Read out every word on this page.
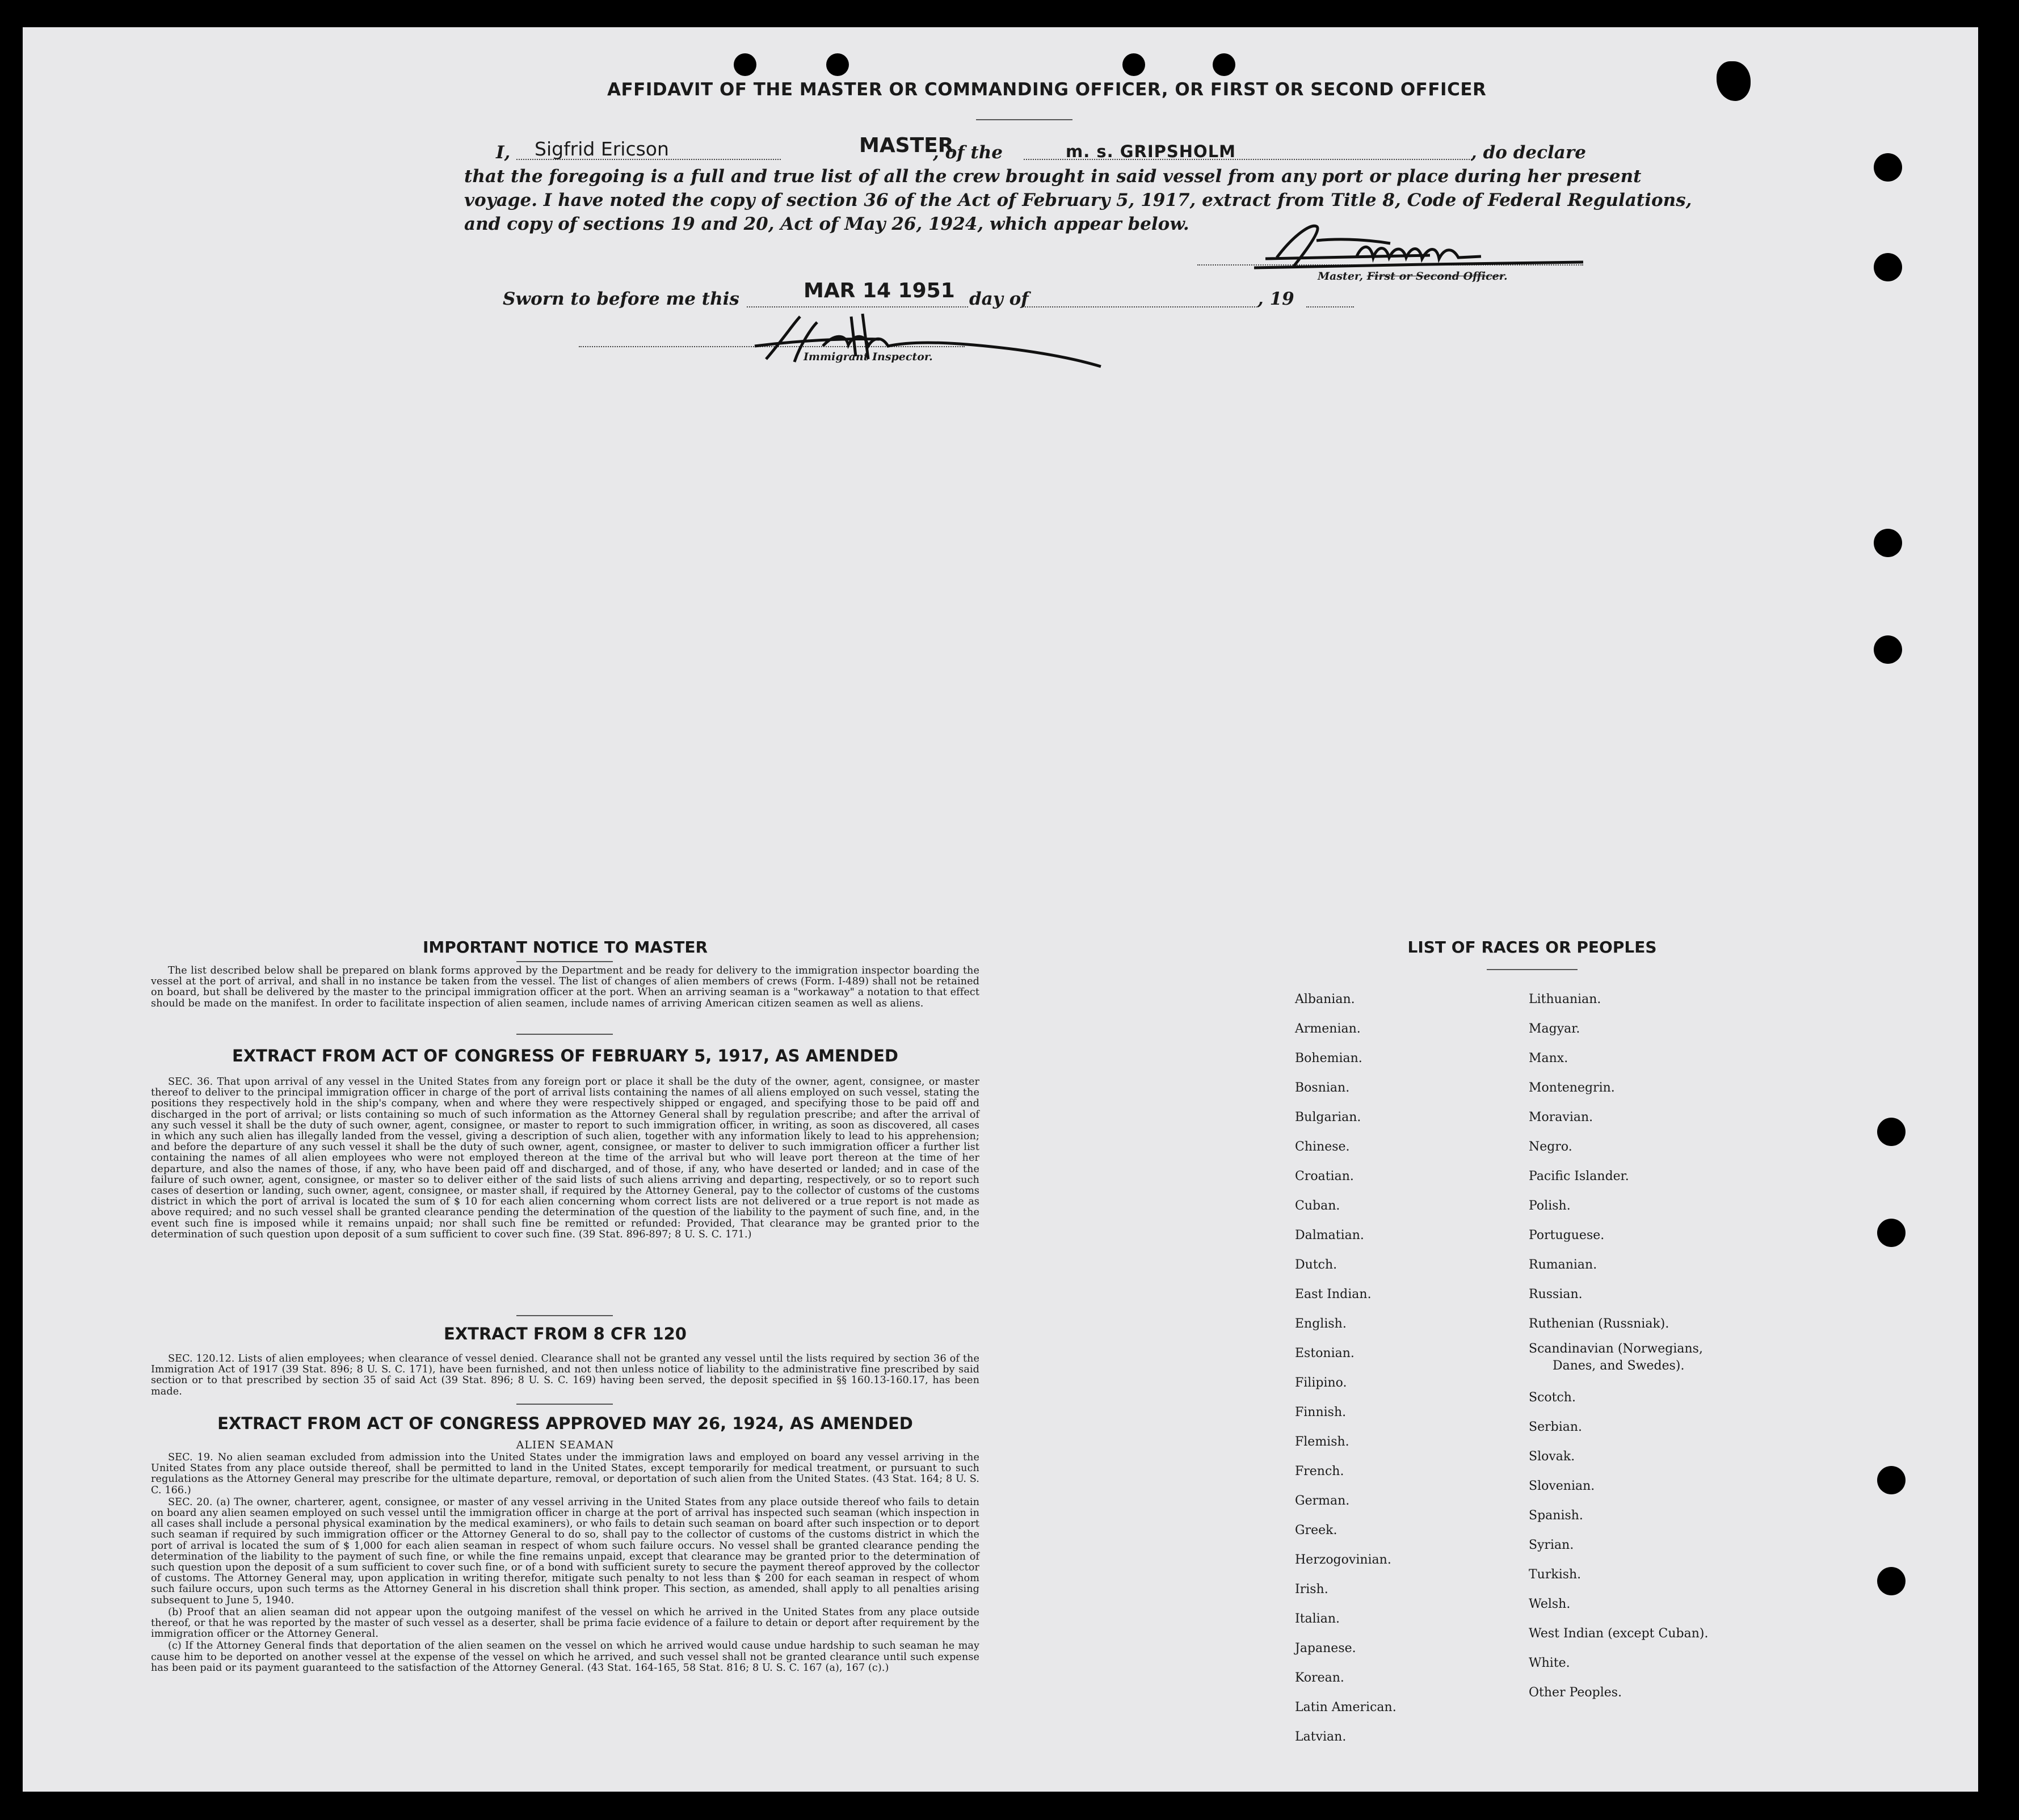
AFFIDAVIT OF THE MASTER OR COMMANDING OFFICER, OR FIRST OR SECOND OFFICER
I, Sigfrid Ericson	MASTER
, of the	m. s. GRIPSHOLM	, do declare
that the foregoing is a full and true list of all the crew brought in said vessel from any port or place during her present
voyage. I have noted the copy of section 36 of the Act of February 5, 1917, extract from Title 8, Code of Federal Regulations,
and copy of sections 19 and 20, Act of May 26, 1924, which appear below.
Master, First or Second Officer.
Sworn to before me this	MAR 14 1951 day of	, 19
Immigrant Inspector.
IMPORTANT NOTICE TO MASTER

The list described below shall be prepared on blank forms approved by the Department and be ready for delivery to the immigration inspector boarding the vessel at the port of arrival, and shall in no instance be taken from the vessel. The list of changes of alien members of crews (Form. I-489) shall not be retained on board, but shall be delivered by the master to the principal immigration officer at the port. When an arriving seaman is a "workaway" a notation to that effect should be made on the manifest. In order to facilitate inspection of alien seamen, include names of arriving American citizen seamen as well as aliens.

EXTRACT FROM ACT OF CONGRESS OF FEBRUARY 5, 1917, AS AMENDED

SEC. 36. That upon arrival of any vessel in the United States from any foreign port or place it shall be the duty of the owner, agent, consignee, or master thereof to deliver to the principal immigration officer in charge of the port of arrival lists containing the names of all aliens employed on such vessel, stating the positions they respectively hold in the ship's company, when and where they were respectively shipped or engaged, and specifying those to be paid off and discharged in the port of arrival; or lists containing so much of such information as the Attorney General shall by regulation prescribe; and after the arrival of any such vessel it shall be the duty of such owner, agent, consignee, or master to report to such immigration officer, in writing, as soon as discovered, all cases in which any such alien has illegally landed from the vessel, giving a description of such alien, together with any information likely to lead to his apprehension; and before the departure of any such vessel it shall be the duty of such owner, agent, consignee, or master to deliver to such immigration officer a further list containing the names of all alien employees who were not employed thereon at the time of the arrival but who will leave port thereon at the time of her departure, and also the names of those, if any, who have been paid off and discharged, and of those, if any, who have deserted or landed; and in case of the failure of such owner, agent, consignee, or master so to deliver either of the said lists of such aliens arriving and departing, respectively, or so to report such cases of desertion or landing, such owner, agent, consignee, or master shall, if required by the Attorney General, pay to the collector of customs of the customs district in which the port of arrival is located the sum of $ 10 for each alien concerning whom correct lists are not delivered or a true report is not made as above required; and no such vessel shall be granted clearance pending the determination of the question of the liability to the payment of such fine, and, in the event such fine is imposed while it remains unpaid; nor shall such fine be remitted or refunded: Provided, That clearance may be granted prior to the determination of such question upon deposit of a sum sufficient to cover such fine. (39 Stat. 896-897; 8 U. S. C. 171.)

EXTRACT FROM 8 CFR 120

SEC. 120.12. Lists of alien employees; when clearance of vessel denied. Clearance shall not be granted any vessel until the lists required by section 36 of the Immigration Act of 1917 (39 Stat. 896; 8 U. S. C. 171), have been furnished, and not then unless notice of liability to the administrative fine prescribed by said section or to that prescribed by section 35 of said Act (39 Stat. 896; 8 U. S. C. 169) having been served, the deposit specified in §§ 160.13-160.17, has been made.

EXTRACT FROM ACT OF CONGRESS APPROVED MAY 26, 1924, AS AMENDED
ALIEN SEAMAN

SEC. 19. No alien seaman excluded from admission into the United States under the immigration laws and employed on board any vessel arriving in the United States from any place outside thereof, shall be permitted to land in the United States, except temporarily for medical treatment, or pursuant to such regulations as the Attorney General may prescribe for the ultimate departure, removal, or deportation of such alien from the United States. (43 Stat. 164; 8 U. S. C. 166.)

SEC. 20. (a) The owner, charterer, agent, consignee, or master of any vessel arriving in the United States from any place outside thereof who fails to detain on board any alien seamen employed on such vessel until the immigration officer in charge at the port of arrival has inspected such seaman (which inspection in all cases shall include a personal physical examination by the medical examiners), or who fails to detain such seaman on board after such inspection or to deport such seaman if required by such immigration officer or the Attorney General to do so, shall pay to the collector of customs of the customs district in which the port of arrival is located the sum of $ 1,000 for each alien seaman in respect of whom such failure occurs. No vessel shall be granted clearance pending the determination of the liability to the payment of such fine, or while the fine remains unpaid, except that clearance may be granted prior to the determination of such question upon the deposit of a sum sufficient to cover such fine, or of a bond with sufficient surety to secure the payment thereof approved by the collector of customs. The Attorney General may, upon application in writing therefor, mitigate such penalty to not less than $ 200 for each seaman in respect of whom such failure occurs, upon such terms as the Attorney General in his discretion shall think proper. This section, as amended, shall apply to all penalties arising subsequent to June 5, 1940.

(b) Proof that an alien seaman did not appear upon the outgoing manifest of the vessel on which he arrived in the United States from any place outside thereof, or that he was reported by the master of such vessel as a deserter, shall be prima facie evidence of a failure to detain or deport after requirement by the immigration officer or the Attorney General.

(c) If the Attorney General finds that deportation of the alien seamen on the vessel on which he arrived would cause undue hardship to such seaman he may cause him to be deported on another vessel at the expense of the vessel on which he arrived, and such vessel shall not be granted clearance until such expense has been paid or its payment guaranteed to the satisfaction of the Attorney General. (43 Stat. 164-165, 58 Stat. 816; 8 U. S. C. 167 (a), 167 (c).)

LIST OF RACES OR PEOPLES
Albanian.
Armenian.
Bohemian.
Bosnian.
Bulgarian.
Chinese.
Croatian.
Cuban.
Dalmatian.
Dutch.
East Indian.
English.
Estonian.
Filipino.
Finnish.
Flemish.
French.
German.
Greek.
Herzogovinian.
Irish.
Italian.
Japanese.
Korean.
Latin American.
Latvian.
Lithuanian.
Magyar.
Manx.
Montenegrin.
Moravian.
Negro.
Pacific Islander.
Polish.
Portuguese.
Rumanian.
Russian.
Ruthenian (Russniak).
Scandinavian (Norwegians,
Danes, and Swedes).
Scotch.
Serbian.
Slovak.
Slovenian.
Spanish.
Syrian.
Turkish.
Welsh.
West Indian (except Cuban).
White.
Other Peoples.
